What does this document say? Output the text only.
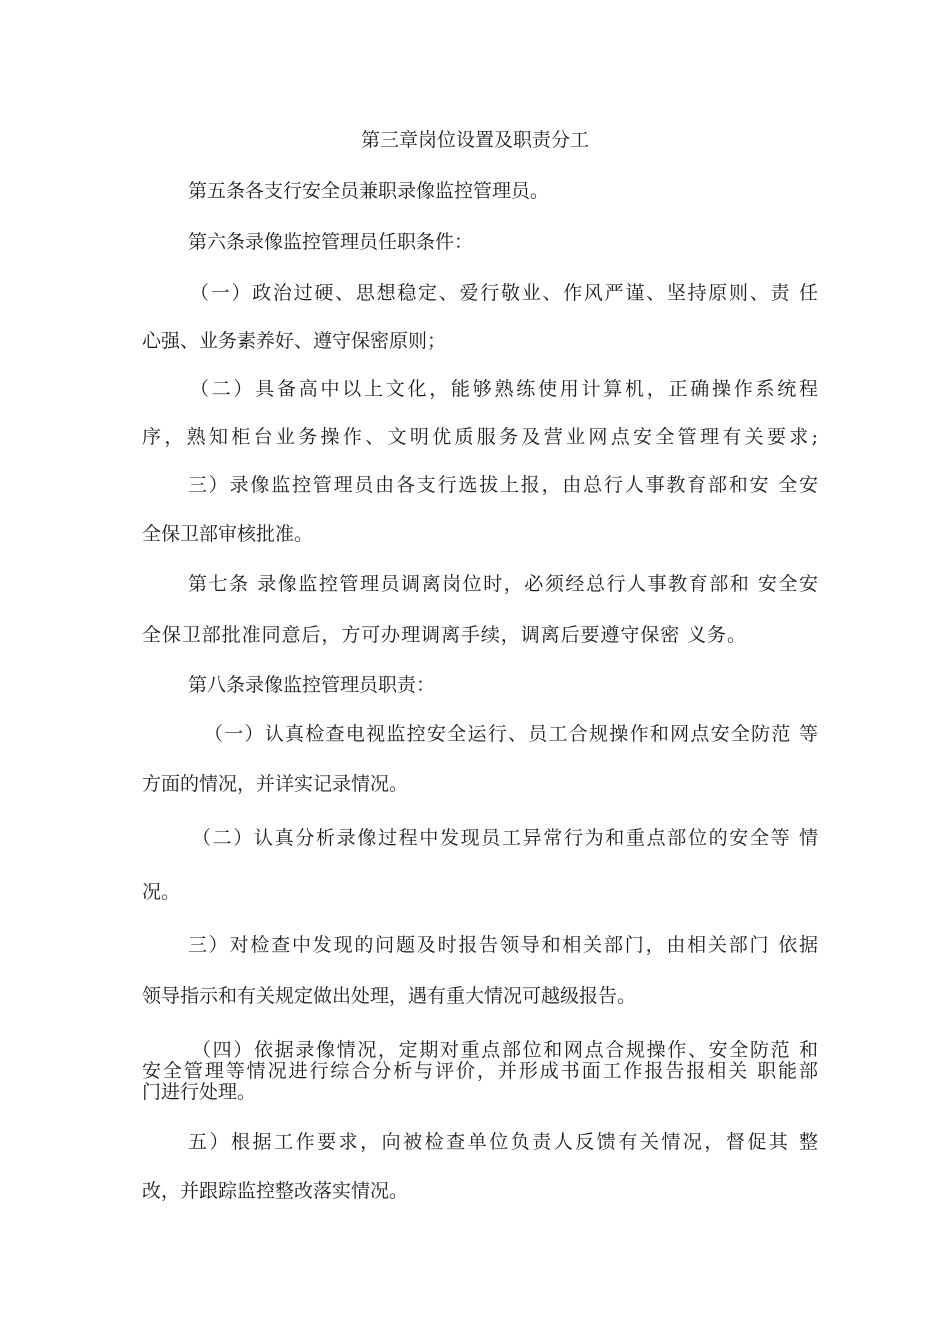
第三章岗位设置及职责分工
第五条各支行安全员兼职录像监控管理员。
第六条录像监控管理员任职条件：
（一）政治过硬、思想稳定、爱行敬业、作风严谨、坚持原则、责 任
心强、业务素养好、遵守保密原则；
（二）具备高中以上文化，能够熟练使用计算机，正确操作系统程
序，熟知柜台业务操作、文明优质服务及营业网点安全管理有关要求;
三）录像监控管理员由各支行选拔上报，由总行人事教育部和安 全安
全保卫部审核批准。
第七条 录像监控管理员调离岗位时，必须经总行人事教育部和 安全安
全保卫部批准同意后，方可办理调离手续，调离后要遵守保密 义务。
第八条录像监控管理员职责：
（一）认真检查电视监控安全运行、员工合规操作和网点安全防范 等
方面的情况，并详实记录情况。
（二）认真分析录像过程中发现员工异常行为和重点部位的安全等 情
况。
三）对检查中发现的问题及时报告领导和相关部门，由相关部门 依据
领导指示和有关规定做出处理，遇有重大情况可越级报告。
（四）依据录像情况，定期对重点部位和网点合规操作、安全防范 和
安全管理等情况进行综合分析与评价，并形成书面工作报告报相关 职能部
门进行处理。
五）根据工作要求，向被检查单位负责人反馈有关情况，督促其 整
改，并跟踪监控整改落实情况。
